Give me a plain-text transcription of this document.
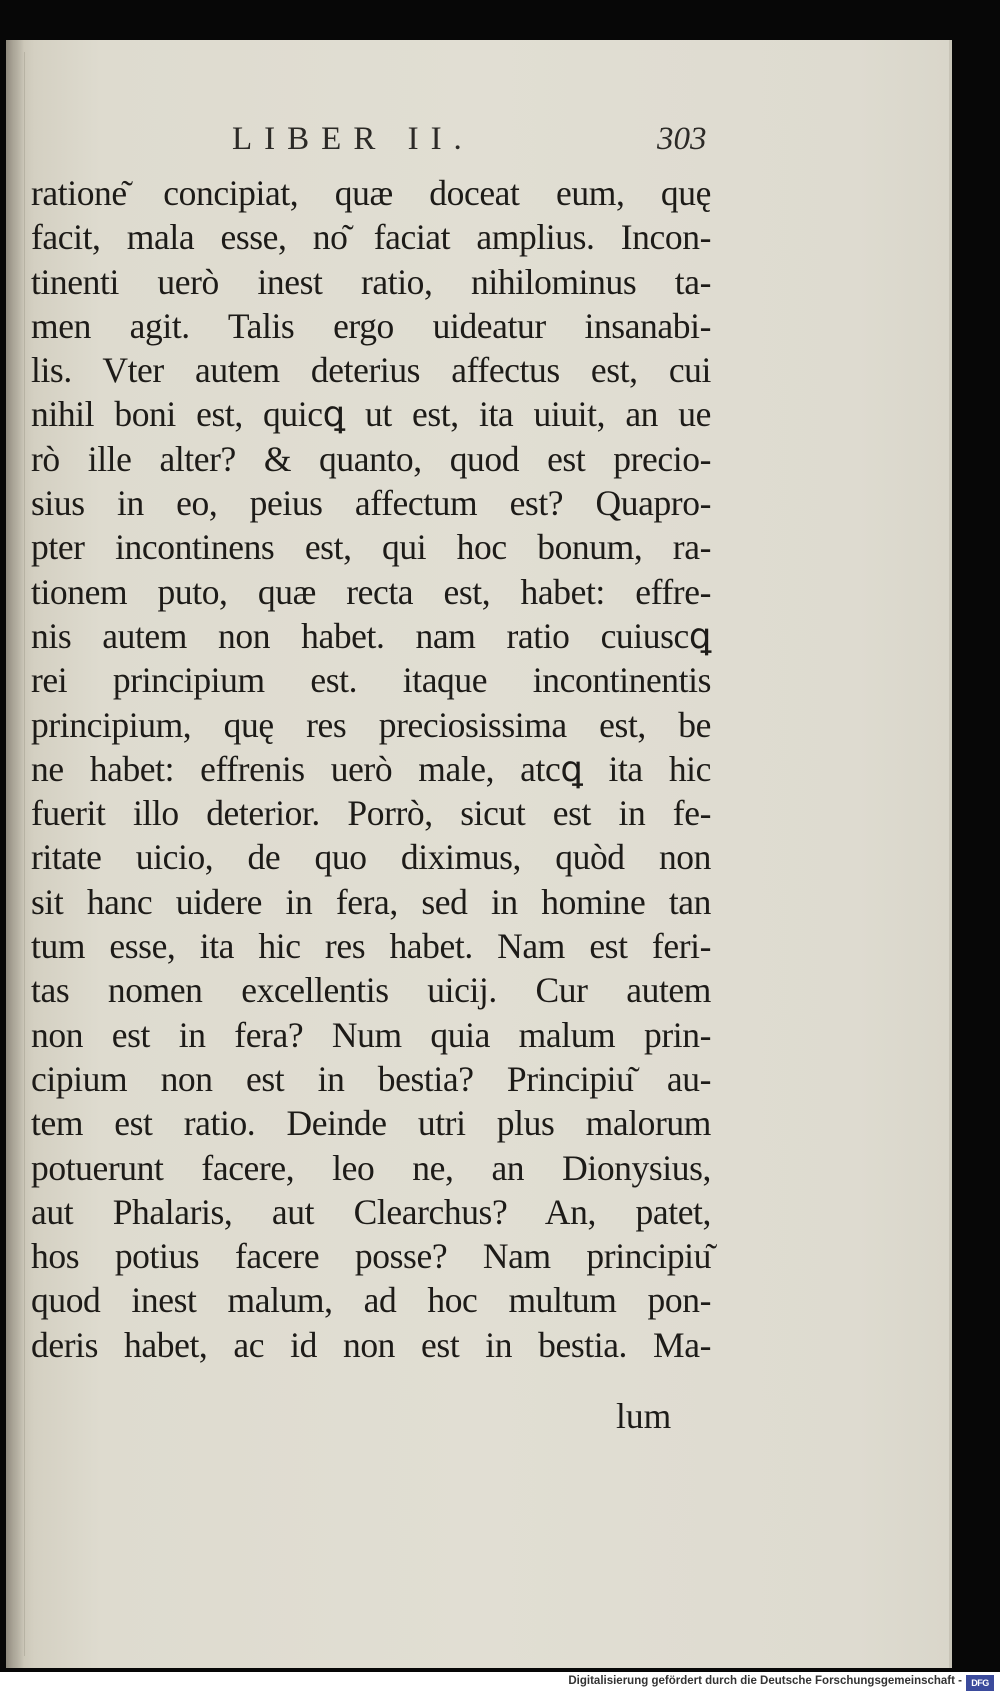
LIBER II.	303
ratione͂ concipiat, quæ doceat eum, quę
facit, mala esse, no͂ faciat amplius. Incon-
tinenti uerò inest ratio, nihilominus ta-
men agit. Talis ergo uideatur insanabi-
lis. Vter autem deterius affectus est, cui
nihil boni est, quicꝗ ut est, ita uiuit, an ue
rò ille alter? & quanto, quod est precio-
sius in eo, peius affectum est? Quapro-
pter incontinens est, qui hoc bonum, ra-
tionem puto, quæ recta est, habet: effre-
nis autem non habet. nam ratio cuiuscꝗ
rei principium est. itaque incontinentis
principium, quę res preciosissima est, be
ne habet: effrenis uerò male, atcꝗ ita hic
fuerit illo deterior. Porrò, sicut est in fe-
ritate uicio, de quo diximus, quòd non
sit hanc uidere in fera, sed in homine tan
tum esse, ita hic res habet. Nam est feri-
tas nomen excellentis uicij. Cur autem
non est in fera? Num quia malum prin-
cipium non est in bestia? Principiu͂ au-
tem est ratio. Deinde utri plus malorum
potuerunt facere, leo ne, an Dionysius,
aut Phalaris, aut Clearchus? An, patet,
hos potius facere posse? Nam principiu͂
quod inest malum, ad hoc multum pon-
deris habet, ac id non est in bestia. Ma-
lum
Digitalisierung gefördert durch die Deutsche Forschungsgemeinschaft -	DFG
